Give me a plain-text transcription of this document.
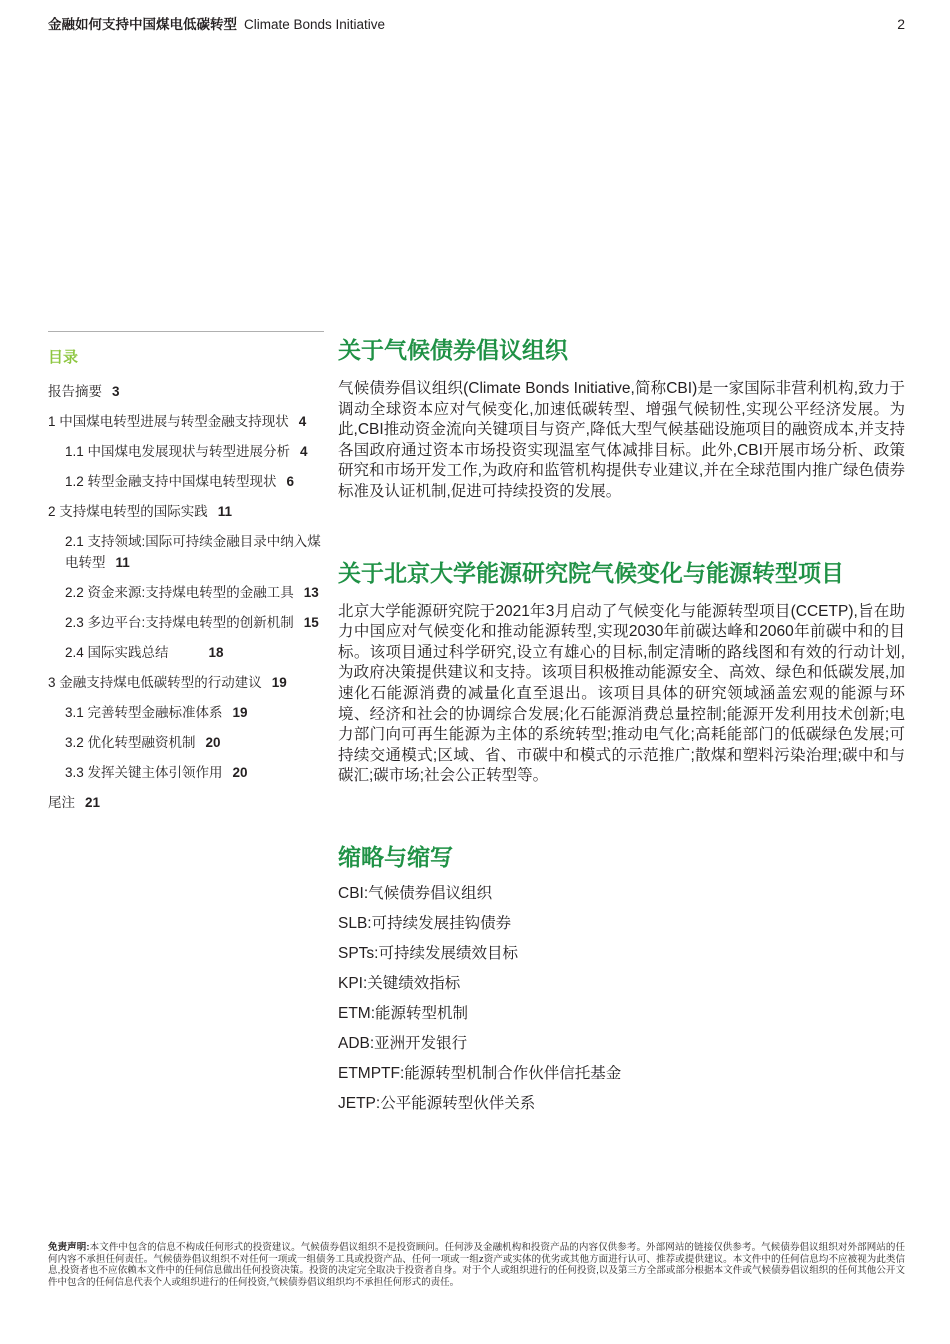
金融如何支持中国煤电低碳转型 Climate Bonds Initiative	2
目录
报告摘要 3
1 中国煤电转型进展与转型金融支持现状 4
1.1 中国煤电发展现状与转型进展分析 4
1.2 转型金融支持中国煤电转型现状 6
2 支持煤电转型的国际实践 11
2.1 支持领域:国际可持续金融目录中纳入煤电转型 11
2.2 资金来源:支持煤电转型的金融工具 13
2.3 多边平台:支持煤电转型的创新机制 15
2.4 国际实践总结	18
3 金融支持煤电低碳转型的行动建议 19
3.1 完善转型金融标准体系 19
3.2 优化转型融资机制 20
3.3 发挥关键主体引领作用 20
尾注 21
关于气候债券倡议组织

气候债券倡议组织(Climate Bonds Initiative,简称CBI)是一家国际非营利机构,致力于调动全球资本应对气候变化,加速低碳转型、增强气候韧性,实现公平经济发展。为此,CBI推动资金流向关键项目与资产,降低大型气候基础设施项目的融资成本,并支持各国政府通过资本市场投资实现温室气体减排目标。此外,CBI开展市场分析、政策研究和市场开发工作,为政府和监管机构提供专业建议,并在全球范围内推广绿色债券标准及认证机制,促进可持续投资的发展。

关于北京大学能源研究院气候变化与能源转型项目

北京大学能源研究院于2021年3月启动了气候变化与能源转型项目(CCETP),旨在助力中国应对气候变化和推动能源转型,实现2030年前碳达峰和2060年前碳中和的目标。该项目通过科学研究,设立有雄心的目标,制定清晰的路线图和有效的行动计划,为政府决策提供建议和支持。该项目积极推动能源安全、高效、绿色和低碳发展,加速化石能源消费的减量化直至退出。该项目具体的研究领域涵盖宏观的能源与环境、经济和社会的协调综合发展;化石能源消费总量控制;能源开发利用技术创新;电力部门向可再生能源为主体的系统转型;推动电气化;高耗能部门的低碳绿色发展;可持续交通模式;区域、省、市碳中和模式的示范推广;散煤和塑料污染治理;碳中和与碳汇;碳市场;社会公正转型等。

缩略与缩写
CBI:气候债券倡议组织
SLB:可持续发展挂钩债券
SPTs:可持续发展绩效目标
KPI:关键绩效指标
ETM:能源转型机制
ADB:亚洲开发银行
ETMPTF:能源转型机制合作伙伴信托基金
JETP:公平能源转型伙伴关系
免责声明:本文件中包含的信息不构成任何形式的投资建议。气候债券倡议组织不是投资顾问。任何涉及金融机构和投资产品的内容仅供参考。外部网站的链接仅供参考。气候债券倡议组织对外部网站的任何内容不承担任何责任。气候债券倡议组织不对任何一项或一组债务工具或投资产品、任何一项或一组z资产或实体的优劣或其他方面进行认可、推荐或提供建议。本文件中的任何信息均不应被视为此类信息,投资者也不应依赖本文件中的任何信息做出任何投资决策。投资的决定完全取决于投资者自身。对于个人或组织进行的任何投资,以及第三方全部或部分根据本文件或气候债券倡议组织的任何其他公开文件中包含的任何信息代表个人或组织进行的任何投资,气候债券倡议组织均不承担任何形式的责任。
